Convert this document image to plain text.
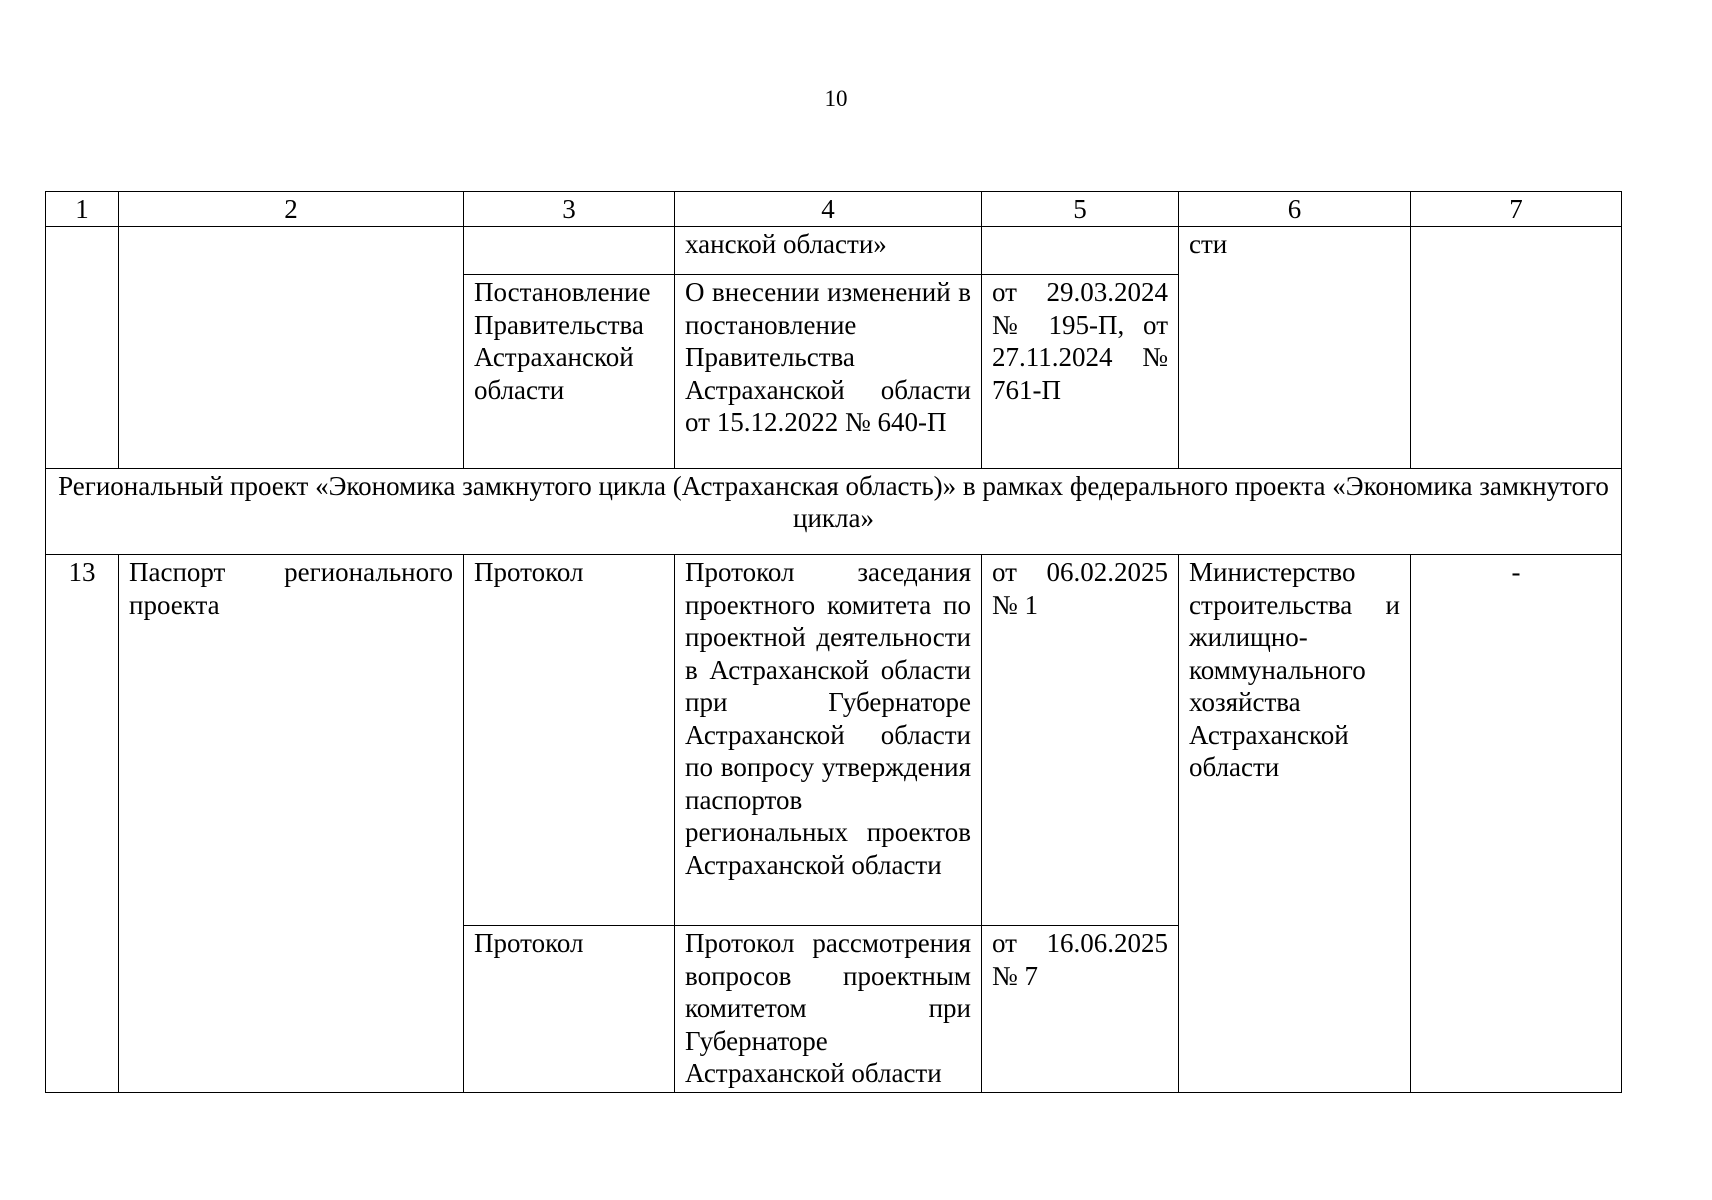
10
1	2	3	4	5	6	7
			ханской области»		сти	
		Постановление Правительства Астраханской области	О внесении изменений в постановление Правительства Астраханской области от 15.12.2022 № 640-П	от 29.03.2024 № 195-П, от 27.11.2024 № 761-П		
Региональный проект «Экономика замкнутого цикла (Астраханская область)» в рамках федерального проекта «Экономика замкнутого цикла»						
13	Паспорт регионального проекта	Протокол	Протокол заседания проектного комитета по проектной деятельности в Астраханской области при Губернаторе Астраханской области по вопросу утверждения паспортов региональных проектов Астраханской области	от 06.02.2025 № 1	Министерство строительства и жилищно-коммунального хозяйства Астраханской области	-
		Протокол	Протокол рассмотрения вопросов проектным комитетом при Губернаторе Астраханской области	от 16.06.2025 № 7		
